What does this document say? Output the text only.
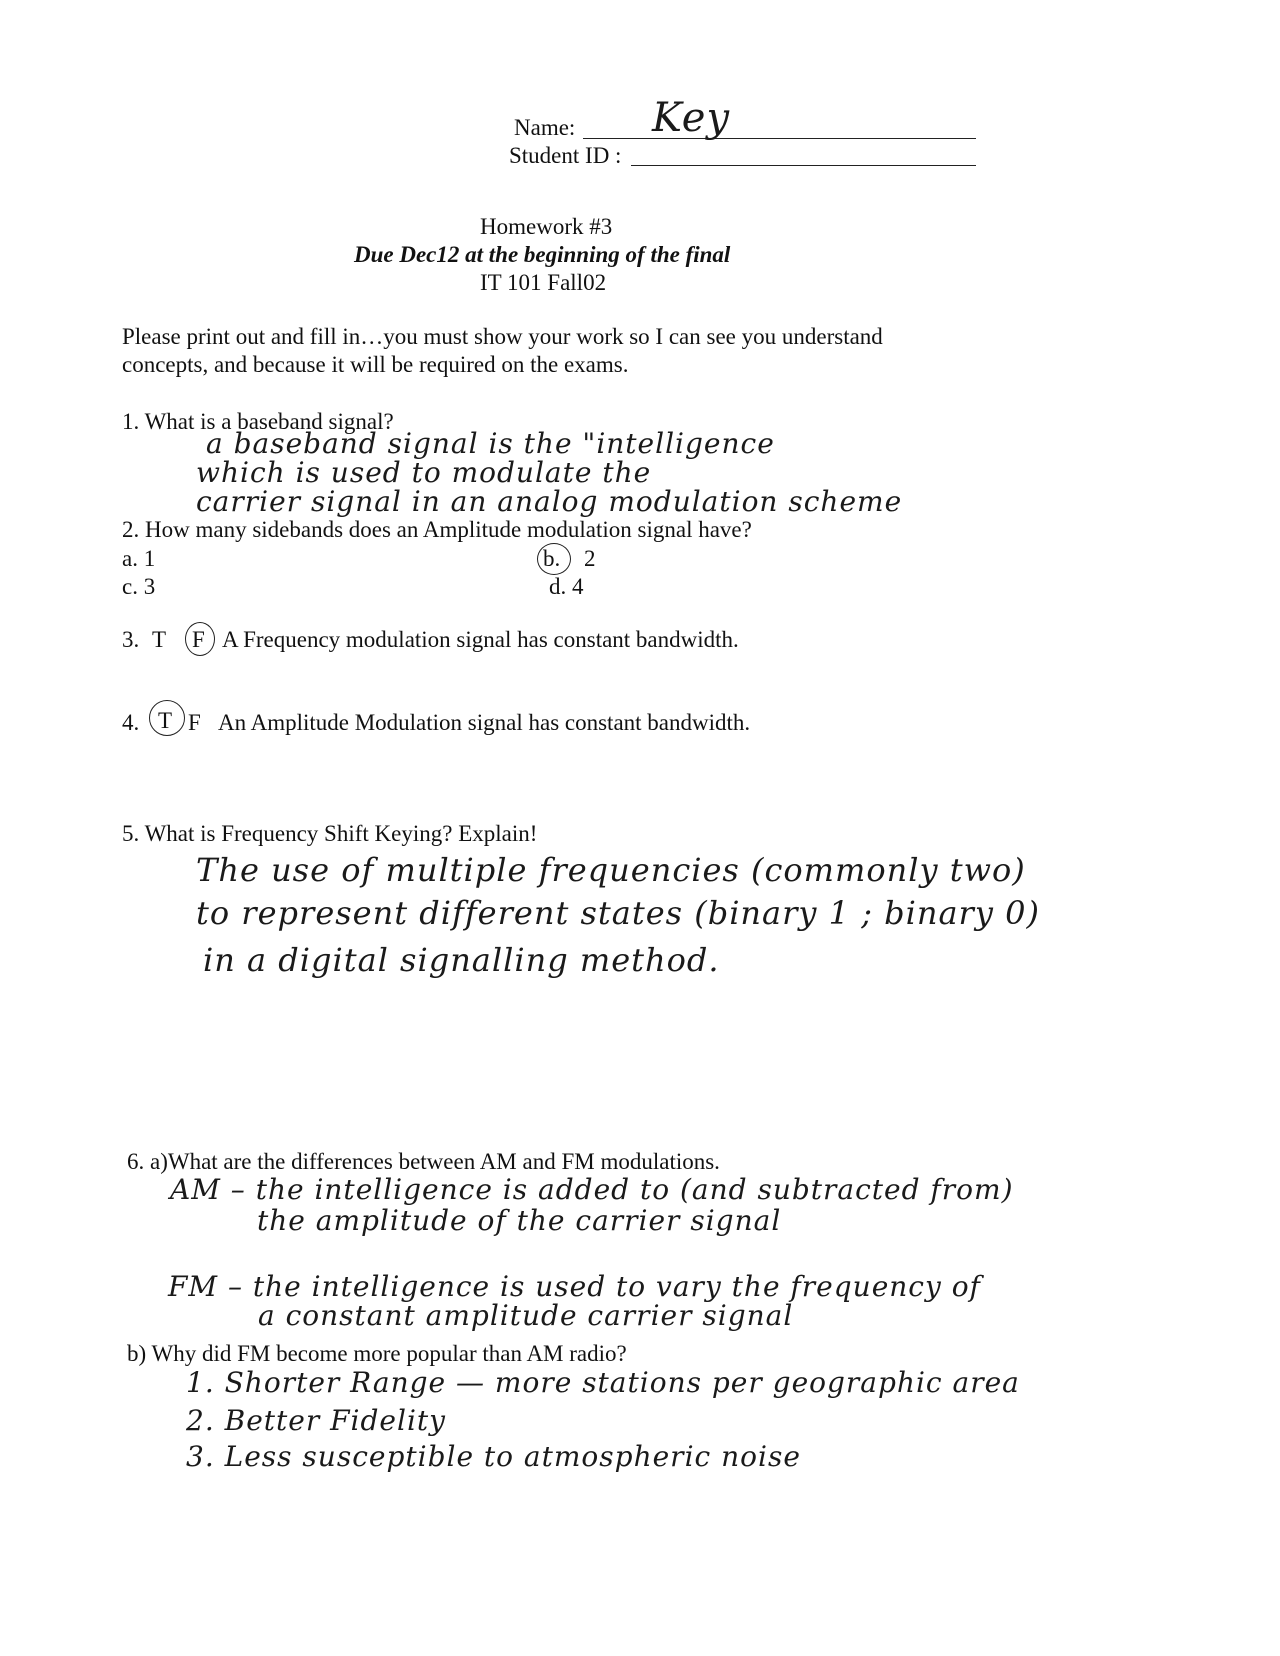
Name: Key
Student ID :
Homework #3
Due Dec12 at the beginning of the final
IT 101 Fall02
Please print out and fill in…you must show your work so I can see you understand
concepts, and because it will be required on the exams.
1. What is a baseband signal?
a baseband signal is the "intelligence
which is used to modulate the
carrier signal in an analog modulation scheme
2. How many sidebands does an Amplitude modulation signal have?
a. 1	b. 2
c. 3	d. 4
3. T F A Frequency modulation signal has constant bandwidth.
4. T F An Amplitude Modulation signal has constant bandwidth.
5. What is Frequency Shift Keying? Explain!
The use of multiple frequencies (commonly two)
to represent different states (binary 1 ; binary 0)
in a digital signalling method.
6. a)What are the differences between AM and FM modulations.
AM – the intelligence is added to (and subtracted from)
the amplitude of the carrier signal
FM – the intelligence is used to vary the frequency of
a constant amplitude carrier signal
b) Why did FM become more popular than AM radio?
1. Shorter Range — more stations per geographic area
2. Better Fidelity
3. Less susceptible to atmospheric noise
